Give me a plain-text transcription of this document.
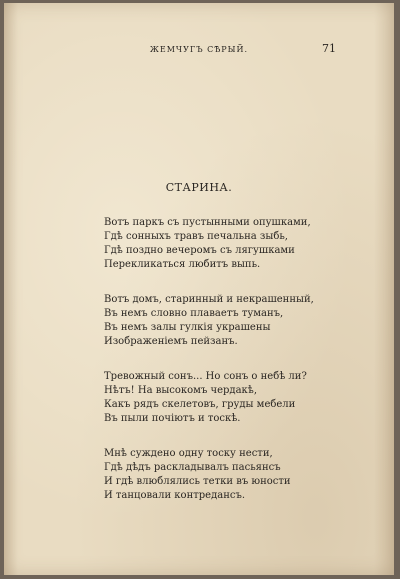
ЖЕМЧУГЪ СѢРЫЙ.	71
СТАРИНА.
Вотъ паркъ съ пустынными опушками,
Гдѣ сонныхъ травъ печальна зыбь,
Гдѣ поздно вечеромъ съ лягушками
Перекликаться любитъ выпь.
Вотъ домъ, старинный и некрашенный,
Въ немъ словно плаваетъ туманъ,
Въ немъ залы гулкія украшены
Изображеніемъ пейзанъ.
Тревожный сонъ... Но сонъ о небѣ ли?
Нѣтъ! На высокомъ чердакѣ,
Какъ рядъ скелетовъ, груды мебели
Въ пыли почіютъ и тоскѣ.
Мнѣ суждено одну тоску нести,
Гдѣ дѣдъ раскладывалъ пасьянсъ
И гдѣ влюблялись тетки въ юности
И танцовали контредансъ.
